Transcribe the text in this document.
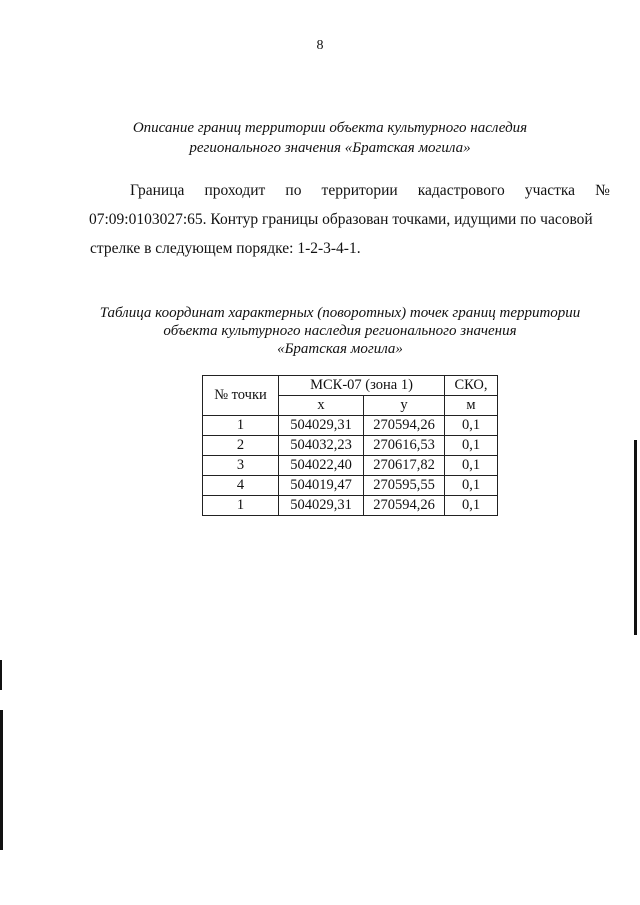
8
Описание границ территории объекта культурного наследия
регионального значения «Братская могила»
Граница проходит по территории кадастрового участка №
07:09:0103027:65. Контур границы образован точками, идущими по часовой
стрелке в следующем порядке: 1-2-3-4-1.
Таблица координат характерных (поворотных) точек границ территории
объекта культурного наследия регионального значения
«Братская могила»
№ точки	МСК-07 (зона 1)		СКО,
	x	y	м
1	504029,31	270594,26	0,1
2	504032,23	270616,53	0,1
3	504022,40	270617,82	0,1
4	504019,47	270595,55	0,1
1	504029,31	270594,26	0,1
